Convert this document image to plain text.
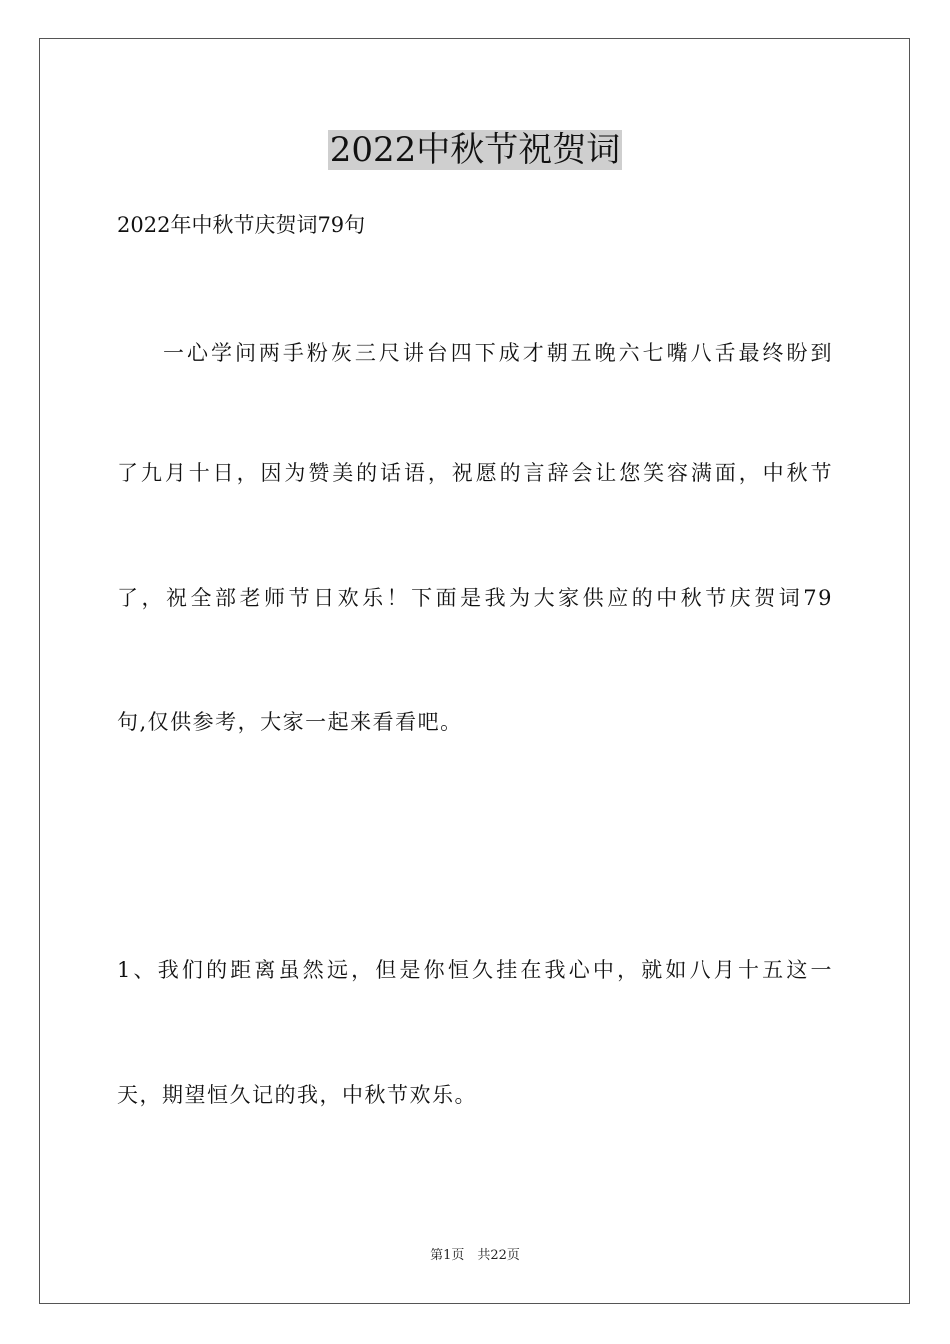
2022中秋节祝贺词
2022年中秋节庆贺词79句
一心学问两手粉灰三尺讲台四下成才朝五晚六七嘴八舌最终盼到
了九月十日，因为赞美的话语，祝愿的言辞会让您笑容满面，中秋节
了，祝全部老师节日欢乐！下面是我为大家供应的中秋节庆贺词79
句,仅供参考，大家一起来看看吧。
1、我们的距离虽然远，但是你恒久挂在我心中，就如八月十五这一
天，期望恒久记的我，中秋节欢乐。
第1页　共22页
